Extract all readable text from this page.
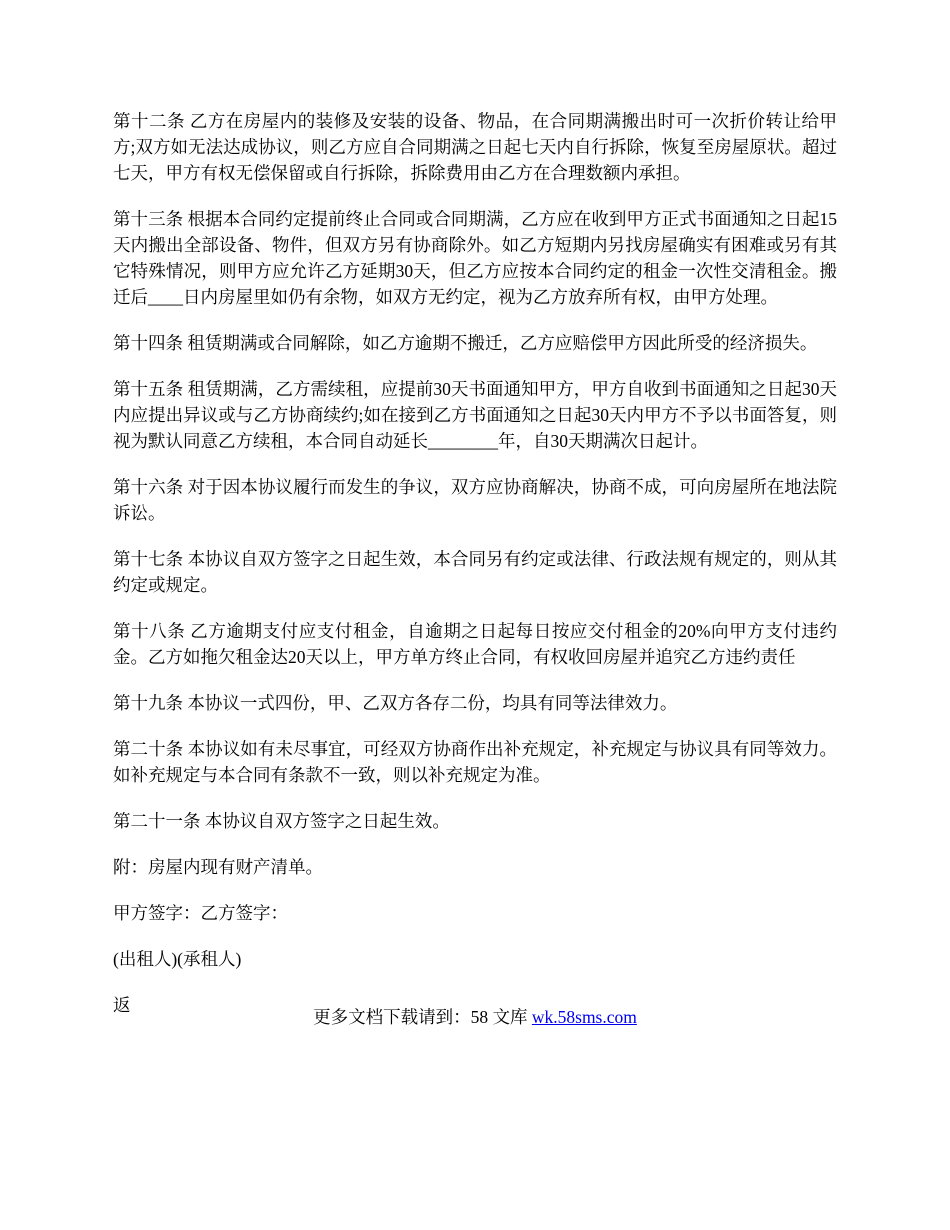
第十二条 乙方在房屋内的装修及安装的设备、物品，在合同期满搬出时可一次折价转让给甲方;双方如无法达成协议，则乙方应自合同期满之日起七天内自行拆除，恢复至房屋原状。超过七天，甲方有权无偿保留或自行拆除，拆除费用由乙方在合理数额内承担。

第十三条 根据本合同约定提前终止合同或合同期满，乙方应在收到甲方正式书面通知之日起15天内搬出全部设备、物件，但双方另有协商除外。如乙方短期内另找房屋确实有困难或另有其它特殊情况，则甲方应允许乙方延期30天，但乙方应按本合同约定的租金一次性交清租金。搬迁后____日内房屋里如仍有余物，如双方无约定，视为乙方放弃所有权，由甲方处理。

第十四条 租赁期满或合同解除，如乙方逾期不搬迁，乙方应赔偿甲方因此所受的经济损失。

第十五条 租赁期满，乙方需续租，应提前30天书面通知甲方，甲方自收到书面通知之日起30天内应提出异议或与乙方协商续约;如在接到乙方书面通知之日起30天内甲方不予以书面答复，则视为默认同意乙方续租，本合同自动延长________年，自30天期满次日起计。

第十六条 对于因本协议履行而发生的争议，双方应协商解决，协商不成，可向房屋所在地法院诉讼。

第十七条 本协议自双方签字之日起生效，本合同另有约定或法律、行政法规有规定的，则从其约定或规定。

第十八条 乙方逾期支付应支付租金，自逾期之日起每日按应交付租金的20%向甲方支付违约金。乙方如拖欠租金达20天以上，甲方单方终止合同，有权收回房屋并追究乙方违约责任

第十九条 本协议一式四份，甲、乙双方各存二份，均具有同等法律效力。

第二十条 本协议如有未尽事宜，可经双方协商作出补充规定，补充规定与协议具有同等效力。如补充规定与本合同有条款不一致，则以补充规定为准。

第二十一条 本协议自双方签字之日起生效。

附：房屋内现有财产清单。

甲方签字：乙方签字：

(出租人)(承租人)

返

更多文档下载请到：58 文库 wk.58sms.com
